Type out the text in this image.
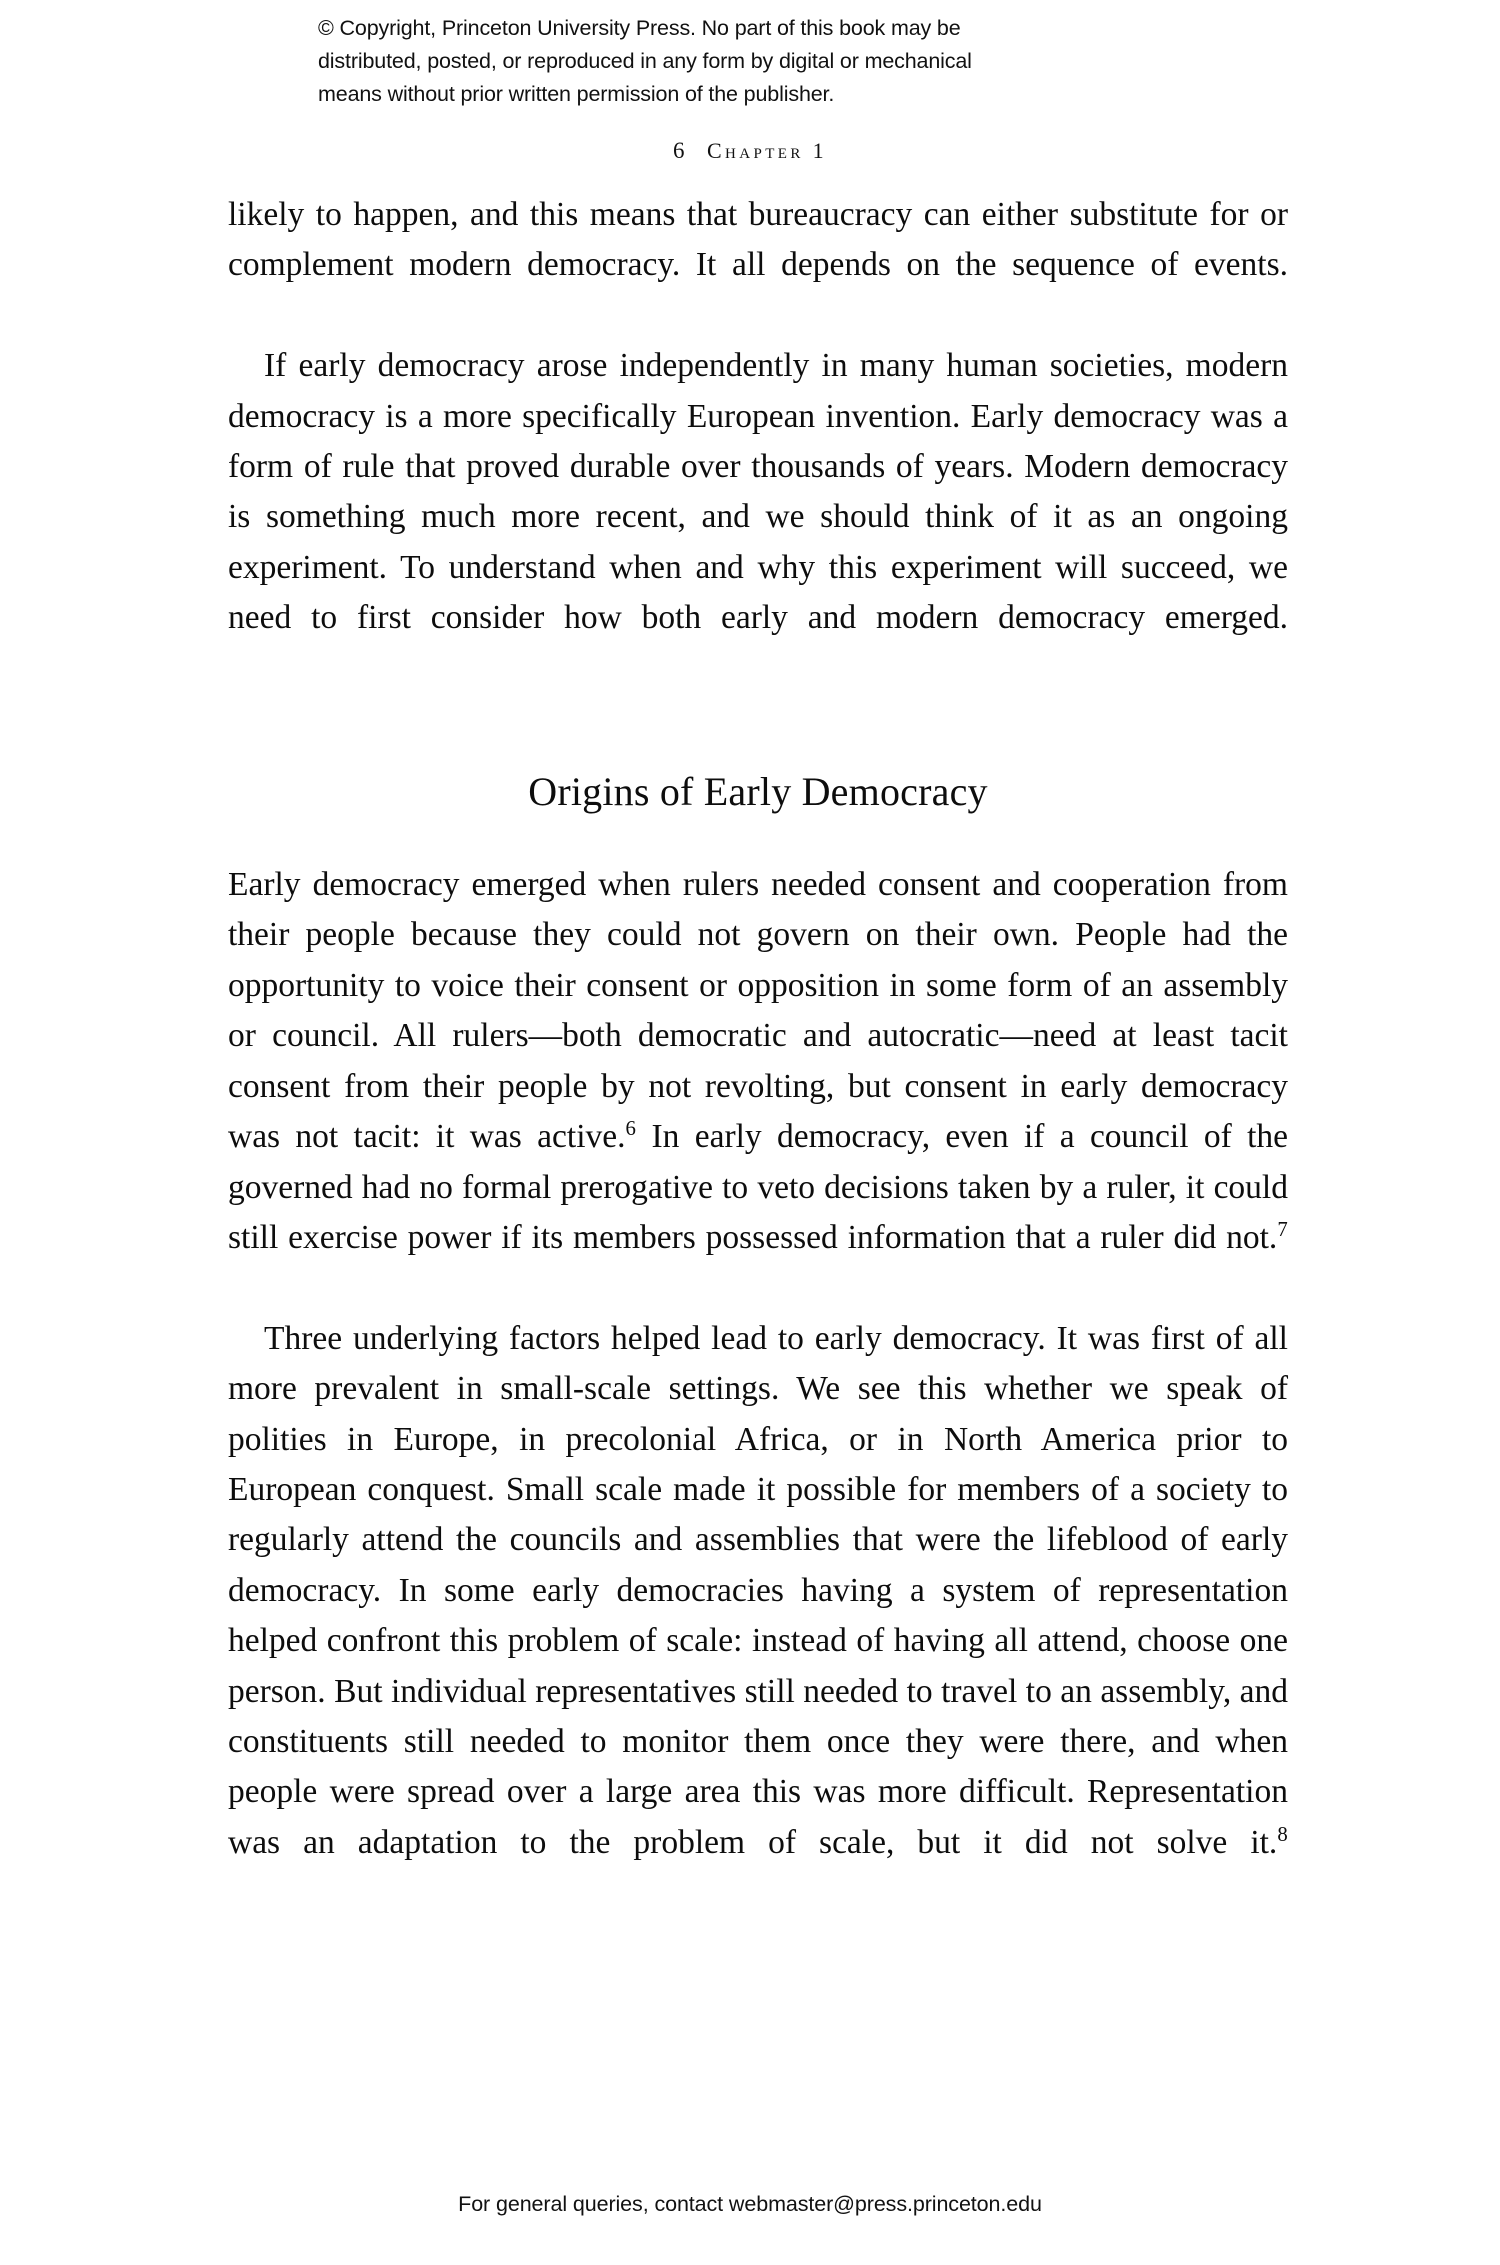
© Copyright, Princeton University Press. No part of this book may be
distributed, posted, or reproduced in any form by digital or mechanical
means without prior written permission of the publisher.
6 Chapter 1

likely to happen, and this means that bureaucracy can either substitute for or complement modern democracy. It all depends on the sequence of events.

If early democracy arose independently in many human societies, modern democracy is a more specifically European invention. Early democracy was a form of rule that proved durable over thousands of years. Modern democracy is something much more recent, and we should think of it as an ongoing experiment. To understand when and why this experiment will succeed, we need to first consider how both early and modern democracy emerged.

Origins of Early Democracy

Early democracy emerged when rulers needed consent and cooperation from their people because they could not govern on their own. People had the opportunity to voice their consent or opposition in some form of an assembly or council. All rulers—both democratic and autocratic—need at least tacit consent from their people by not revolting, but consent in early democracy was not tacit: it was active.$^6$ In early democracy, even if a council of the governed had no formal prerogative to veto decisions taken by a ruler, it could still exercise power if its members possessed information that a ruler did not.$^7$

Three underlying factors helped lead to early democracy. It was first of all more prevalent in small-scale settings. We see this whether we speak of polities in Europe, in precolonial Africa, or in North America prior to European conquest. Small scale made it possible for members of a society to regularly attend the councils and assemblies that were the lifeblood of early democracy. In some early democracies having a system of representation helped confront this problem of scale: instead of having all attend, choose one person. But individual representatives still needed to travel to an assembly, and constituents still needed to monitor them once they were there, and when people were spread over a large area this was more difficult. Representation was an adaptation to the problem of scale, but it did not solve it.$^8$

For general queries, contact webmaster@press.princeton.edu
